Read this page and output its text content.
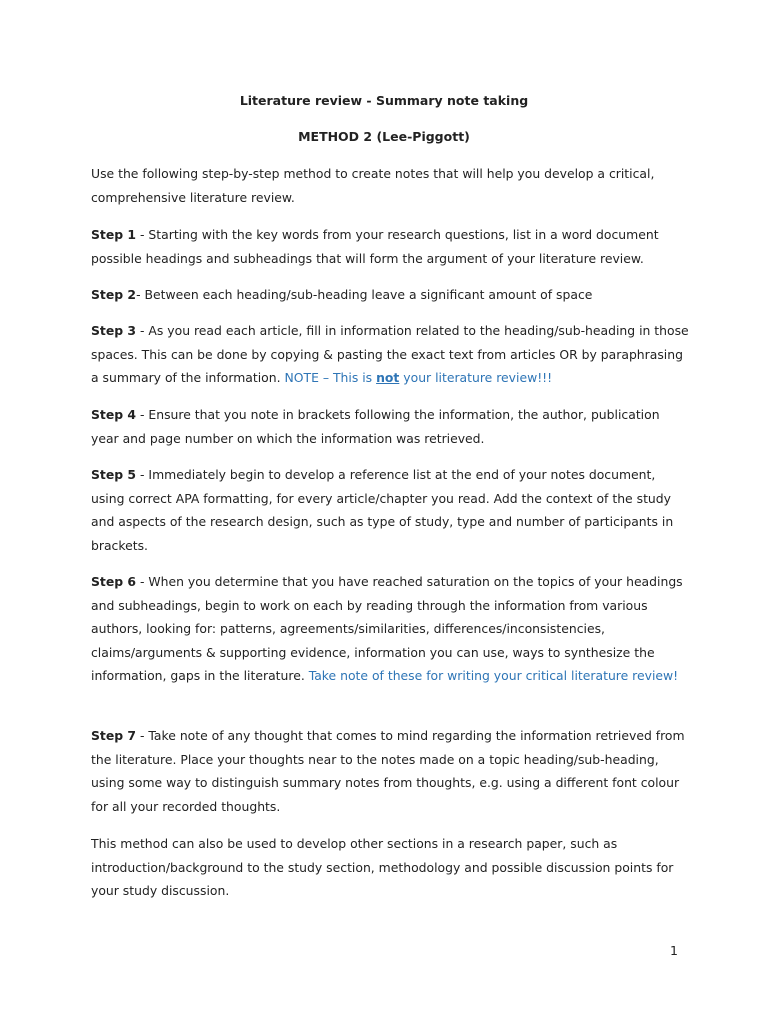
Literature review - Summary note taking
METHOD 2 (Lee-Piggott)
Use the following step-by-step method to create notes that will help you develop a critical, comprehensive literature review.
Step 1 - Starting with the key words from your research questions, list in a word document possible headings and subheadings that will form the argument of your literature review.
Step 2- Between each heading/sub-heading leave a significant amount of space
Step 3 - As you read each article, fill in information related to the heading/sub-heading in those spaces. This can be done by copying & pasting the exact text from articles OR by paraphrasing a summary of the information. NOTE – This is not your literature review!!!
Step 4 - Ensure that you note in brackets following the information, the author, publication year and page number on which the information was retrieved.
Step 5 - Immediately begin to develop a reference list at the end of your notes document, using correct APA formatting, for every article/chapter you read. Add the context of the study and aspects of the research design, such as type of study, type and number of participants in brackets.
Step 6 - When you determine that you have reached saturation on the topics of your headings and subheadings, begin to work on each by reading through the information from various authors, looking for: patterns, agreements/similarities, differences/inconsistencies, claims/arguments & supporting evidence, information you can use, ways to synthesize the information, gaps in the literature. Take note of these for writing your critical literature review!
Step 7 - Take note of any thought that comes to mind regarding the information retrieved from the literature. Place your thoughts near to the notes made on a topic heading/sub-heading, using some way to distinguish summary notes from thoughts, e.g. using a different font colour for all your recorded thoughts.
This method can also be used to develop other sections in a research paper, such as introduction/background to the study section, methodology and possible discussion points for your study discussion.
1
